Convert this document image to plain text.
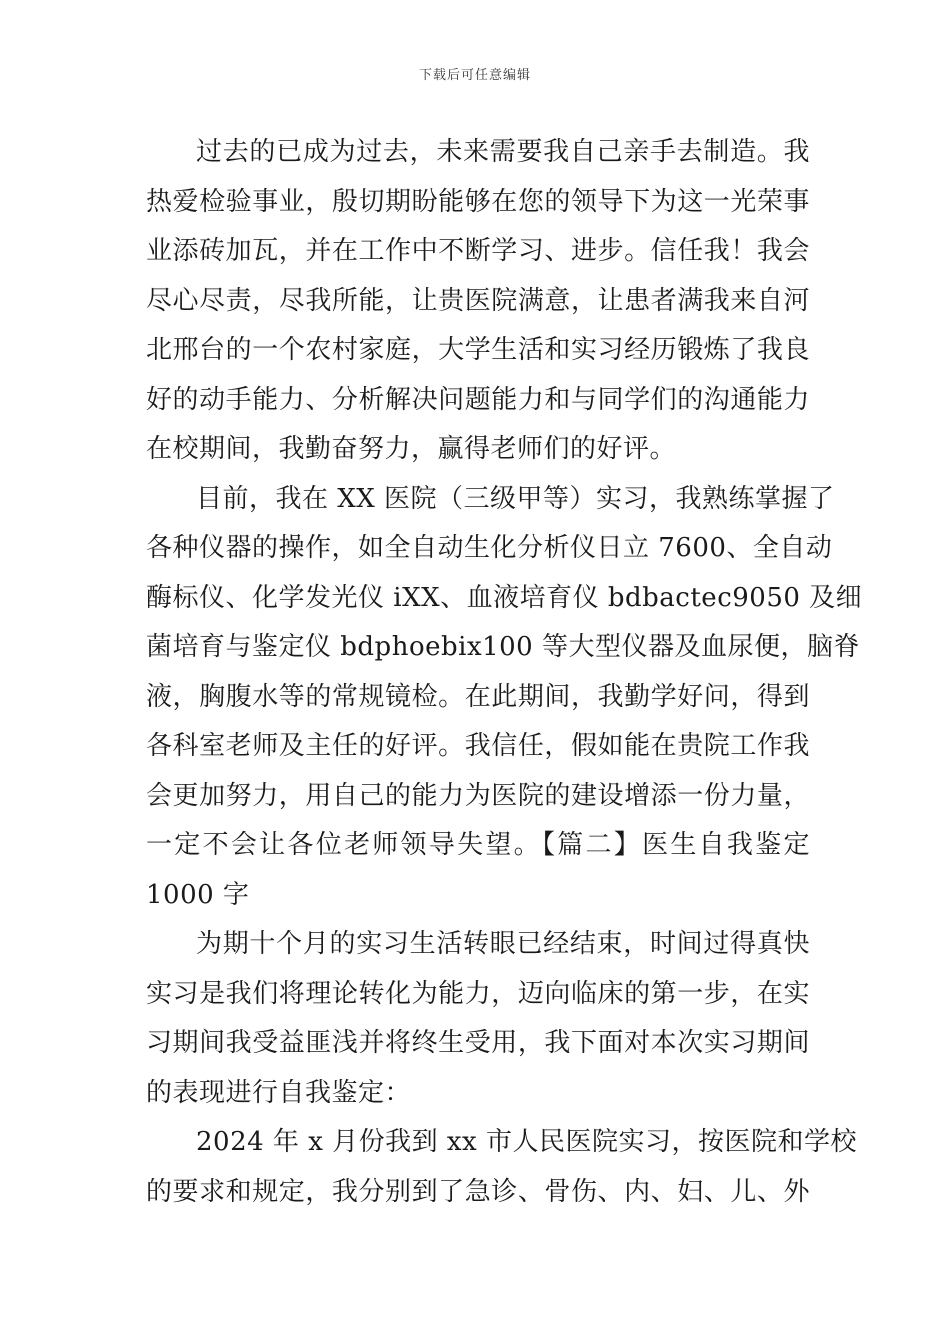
下载后可任意编辑
过去的已成为过去，未来需要我自己亲手去制造。我
热爱检验事业，殷切期盼能够在您的领导下为这一光荣事
业添砖加瓦，并在工作中不断学习、进步。信任我！我会
尽心尽责，尽我所能，让贵医院满意，让患者满我来自河
北邢台的一个农村家庭，大学生活和实习经历锻炼了我良
好的动手能力、分析解决问题能力和与同学们的沟通能力
在校期间，我勤奋努力，赢得老师们的好评。
目前，我在 XX 医院（三级甲等）实习，我熟练掌握了
各种仪器的操作，如全自动生化分析仪日立 7600、全自动
酶标仪、化学发光仪 iXX、血液培育仪 bdbactec9050 及细
菌培育与鉴定仪 bdphoebix100 等大型仪器及血尿便，脑脊
液，胸腹水等的常规镜检。在此期间，我勤学好问，得到
各科室老师及主任的好评。我信任，假如能在贵院工作我
会更加努力，用自己的能力为医院的建设增添一份力量，
一定不会让各位老师领导失望。【篇二】医生自我鉴定
1000 字
为期十个月的实习生活转眼已经结束，时间过得真快
实习是我们将理论转化为能力，迈向临床的第一步，在实
习期间我受益匪浅并将终生受用，我下面对本次实习期间
的表现进行自我鉴定：
2024 年 x 月份我到 xx 市人民医院实习，按医院和学校
的要求和规定，我分别到了急诊、骨伤、内、妇、儿、外
